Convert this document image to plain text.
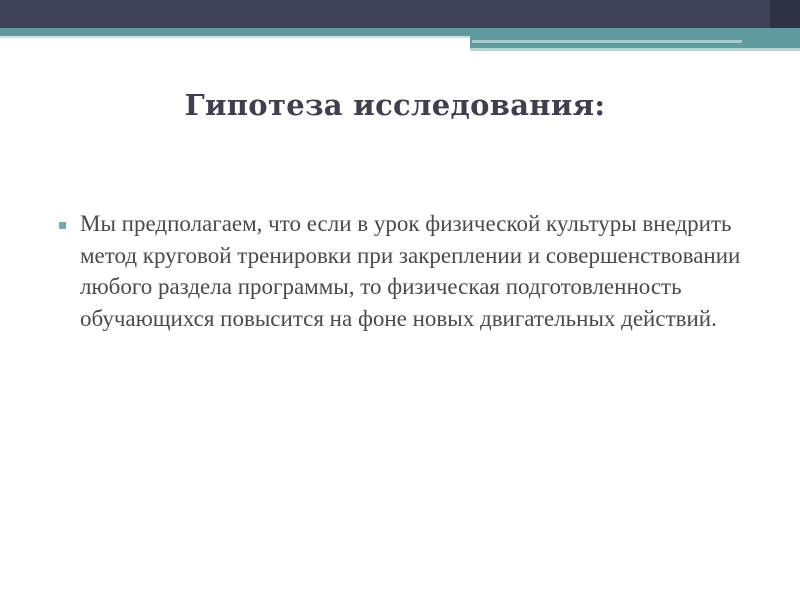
Гипотеза исследования:
▪ Мы предполагаем, что если в урок физической культуры внедрить метод круговой тренировки при закреплении и совершенствовании любого раздела программы, то физическая подготовленность обучающихся повысится на фоне новых двигательных действий.
